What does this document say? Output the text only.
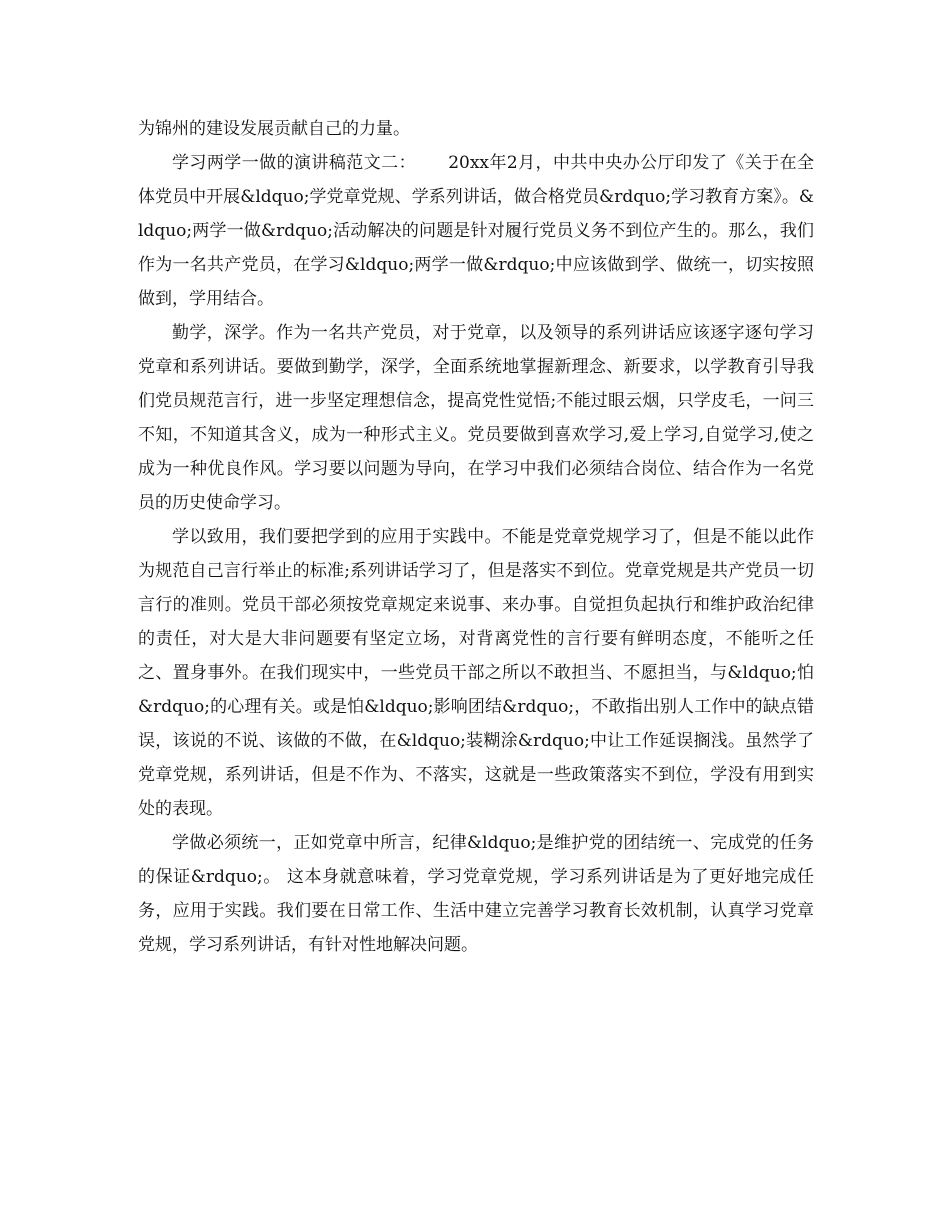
为锦州的建设发展贡献自己的力量。

学习两学一做的演讲稿范文二：　　 20xx年2月，中共中央办公厅印发了《关于在全体党员中开展&ldquo;学党章党规、学系列讲话，做合格党员&rdquo;学习教育方案》。&ldquo;两学一做&rdquo;活动解决的问题是针对履行党员义务不到位产生的。那么，我们作为一名共产党员，在学习&ldquo;两学一做&rdquo;中应该做到学、做统一，切实按照做到，学用结合。

勤学，深学。作为一名共产党员，对于党章，以及领导的系列讲话应该逐字逐句学习党章和系列讲话。要做到勤学，深学，全面系统地掌握新理念、新要求，以学教育引导我们党员规范言行，进一步坚定理想信念，提高党性觉悟;不能过眼云烟，只学皮毛，一问三不知，不知道其含义，成为一种形式主义。党员要做到喜欢学习,爱上学习,自觉学习,使之成为一种优良作风。学习要以问题为导向，在学习中我们必须结合岗位、结合作为一名党员的历史使命学习。

学以致用，我们要把学到的应用于实践中。不能是党章党规学习了，但是不能以此作为规范自己言行举止的标准;系列讲话学习了，但是落实不到位。党章党规是共产党员一切言行的准则。党员干部必须按党章规定来说事、来办事。自觉担负起执行和维护政治纪律的责任，对大是大非问题要有坚定立场，对背离党性的言行要有鲜明态度，不能听之任之、置身事外。在我们现实中，一些党员干部之所以不敢担当、不愿担当，与&ldquo;怕&rdquo;的心理有关。或是怕&ldquo;影响团结&rdquo;，不敢指出别人工作中的缺点错误，该说的不说、该做的不做，在&ldquo;装糊涂&rdquo;中让工作延误搁浅。虽然学了党章党规，系列讲话，但是不作为、不落实，这就是一些政策落实不到位，学没有用到实处的表现。

学做必须统一，正如党章中所言，纪律&ldquo;是维护党的团结统一、完成党的任务的保证&rdquo;。 这本身就意味着，学习党章党规，学习系列讲话是为了更好地完成任务，应用于实践。我们要在日常工作、生活中建立完善学习教育长效机制，认真学习党章党规，学习系列讲话，有针对性地解决问题。
